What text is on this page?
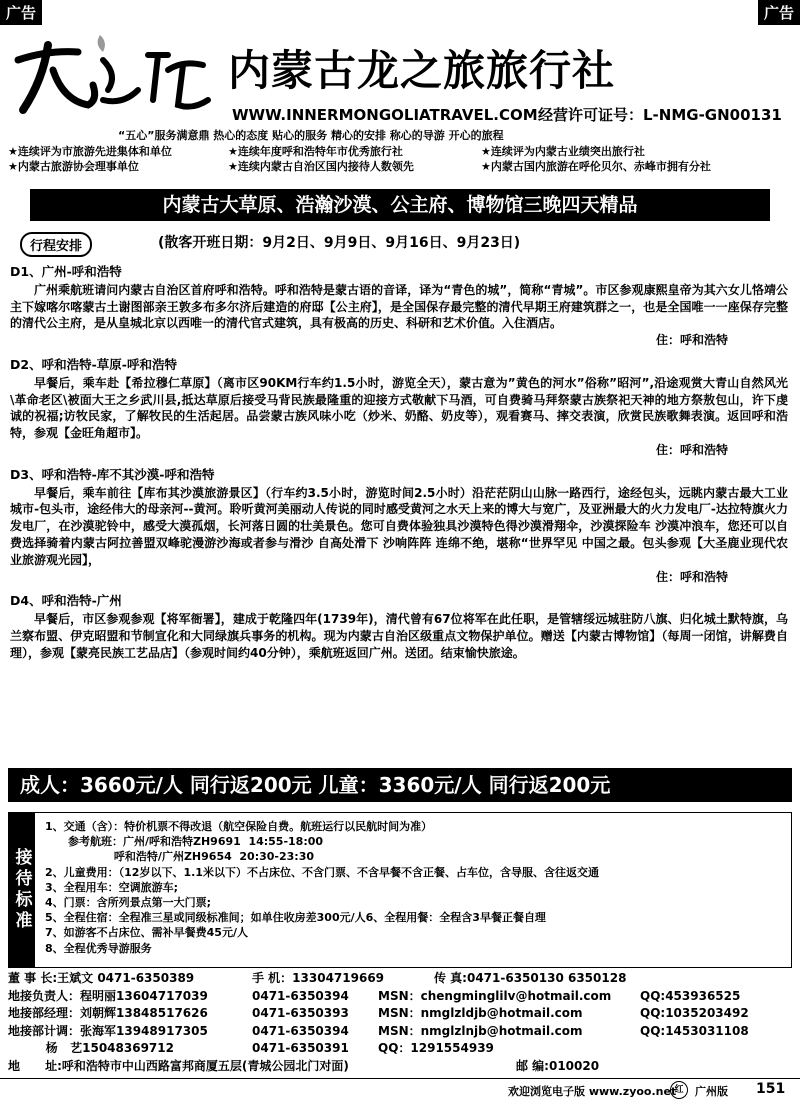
广告	广告
内蒙古龙之旅旅行社
WWW.INNERMONGOLIATRAVEL.COM 经营许可证号：L-NMG-GN00131
“五心”服务满意鼎 热心的态度 贴心的服务 精心的安排 称心的导游 开心的旅程
★连续评为市旅游先进集体和单位	★连续年度呼和浩特年市优秀旅行社	★连续评为内蒙古业绩突出旅行社
★内蒙古旅游协会理事单位	★连续内蒙古自治区国内接待人数领先	★内蒙古国内旅游在呼伦贝尔、赤峰市拥有分社
内蒙古大草原、浩瀚沙漠、公主府、博物馆三晚四天精品
行程安排	(散客开班日期：9月2日、9月9日、9月16日、9月23日)
D1、广州-呼和浩特

广州乘航班请问内蒙古自治区首府呼和浩特。呼和浩特是蒙古语的音译，译为“青色的城”，简称“青城”。市区参观康熙皇帝为其六女儿恪靖公主下嫁喀尔喀蒙古土谢图部亲王敦多布多尔济后建造的府邸【公主府】，是全国保存最完整的清代早期王府建筑群之一，也是全国唯一一座保存完整的清代公主府，是从皇城北京以西唯一的清代官式建筑，具有极高的历史、科研和艺术价值。入住酒店。

住：呼和浩特

D2、呼和浩特-草原-呼和浩特

早餐后，乘车赴【希拉穆仁草原】（离市区90KM行车约1.5小时，游览全天），蒙古意为”黄色的河水”俗称”昭河”,沿途观赏大青山自然风光\革命老区\被面大王之乡武川县,抵达草原后接受马背民族最隆重的迎接方式敬献下马酒，可自费骑马拜祭蒙古族祭祀天神的地方祭敖包山，许下虔诚的祝福;访牧民家，了解牧民的生活起居。品尝蒙古族风味小吃（炒米、奶酪、奶皮等），观看赛马、摔交表演，欣赏民族歌舞表演。返回呼和浩特，参观【金旺角超市】。

住：呼和浩特

D3、呼和浩特-库不其沙漠-呼和浩特

早餐后，乘车前往【库布其沙漠旅游景区】（行车约3.5小时，游览时间2.5小时）沿茫茫阴山山脉一路西行，途经包头，远眺内蒙古最大工业城市-包头市，途经伟大的母亲河--黄河。聆听黄河美丽动人传说的同时感受黄河之水天上来的博大与宽广，及亚洲最大的火力发电厂-达拉特旗火力发电厂，在沙漠驼铃中，感受大漠孤烟，长河落日圆的壮美景色。您可自费体验独具沙漠特色得沙漠滑翔伞，沙漠探险车 沙漠冲浪车，您还可以自费选择骑着内蒙古阿拉善盟双峰驼漫游沙海或者参与滑沙 自高处滑下 沙响阵阵 连绵不绝，堪称“世界罕见 中国之最。包头参观【大圣鹿业现代农业旅游观光园】，

住：呼和浩特

D4、呼和浩特-广州

早餐后，市区参观参观【将军衙署】，建成于乾隆四年(1739年)，清代曾有67位将军在此任职，是管辖绥远城驻防八旗、归化城土默特旗，乌兰察布盟、伊克昭盟和节制宣化和大同绿旗兵事务的机构。现为内蒙古自治区级重点文物保护单位。赠送【内蒙古博物馆】（每周一闭馆，讲解费自理），参观【蒙亮民族工艺品店】（参观时间约40分钟），乘航班返回广州。送团。结束愉快旅途。

成人：3660元/人 同行返200元 儿童：3360元/人 同行返200元
接待标准
1、交通（含）：特价机票不得改退（航空保险自费。航班运行以民航时间为准）
参考航班：广州/呼和浩特ZH9691  14:55-18:00
呼和浩特/广州ZH9654  20:30-23:30
2、儿童费用：（12岁以下、1.1米以下）不占床位、不含门票、不含早餐不含正餐、占车位，含导服、含往返交通
3、全程用车：空调旅游车;
4、门票：含所列景点第一大门票;
5、全程住宿：全程准三星或同级标准间；如单住收房差300元/人6、全程用餐：全程含3早餐正餐自理
7、如游客不占床位、需补早餐费45元/人
8、全程优秀导游服务
董 事 长:王斌文 0471-6350389	手 机：13304719669	传 真:0471-6350130 6350128
地接负责人：程明丽13604717039	0471-6350394	MSN：chengminglilv@hotmail.com	QQ:453936525
地接部经理：刘朝辉13848517626	0471-6350393	MSN：nmglzldjb@hotmail.com	QQ:1035203492
地接部计调：张海军13948917305	0471-6350394	MSN：nmglzlnjb@hotmail.com	QQ:1453031108
杨   艺15048369712	0471-6350391	QQ：1291554939
地      址:呼和浩特市中山西路富邦商厦五层(青城公园北门对面)	邮 编:010020
欢迎浏览电子版 www.zyoo.net
红	广州版 151
